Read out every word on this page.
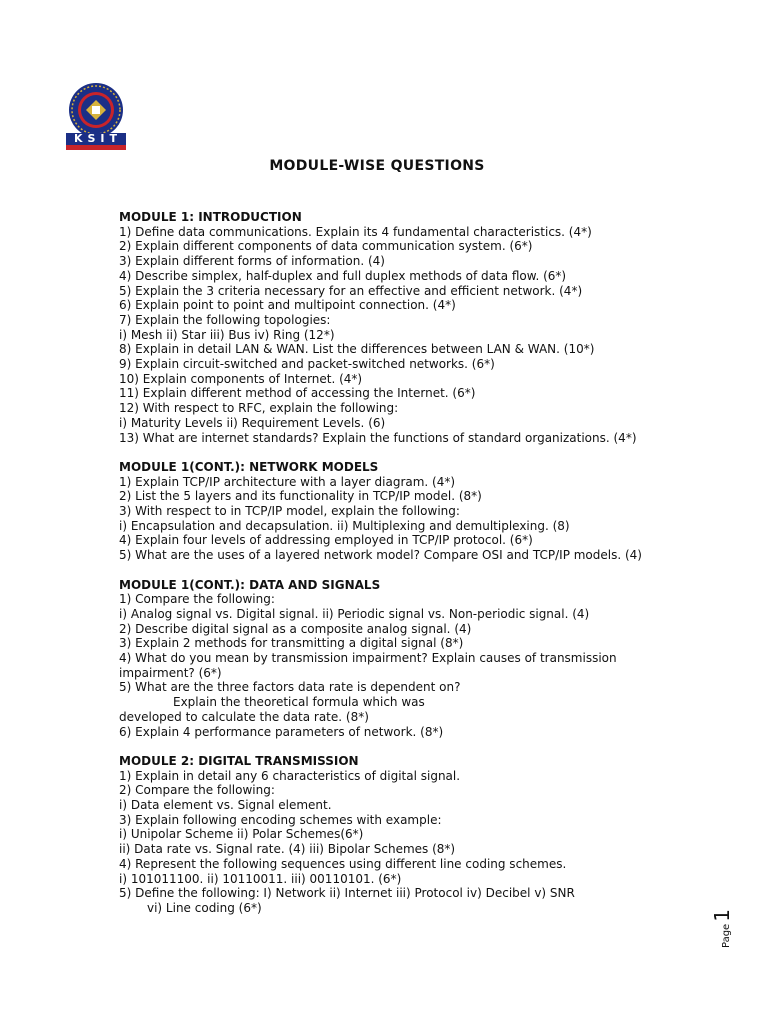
KSIT
MODULE-WISE QUESTIONS
MODULE 1: INTRODUCTION
1) Define data communications. Explain its 4 fundamental characteristics. (4*)
2) Explain different components of data communication system. (6*)
3) Explain different forms of information. (4)
4) Describe simplex, half-duplex and full duplex methods of data flow. (6*)
5) Explain the 3 criteria necessary for an effective and efficient network. (4*)
6) Explain point to point and multipoint connection. (4*)
7) Explain the following topologies:
i) Mesh ii) Star iii) Bus iv) Ring (12*)
8) Explain in detail LAN & WAN. List the differences between LAN & WAN. (10*)
9) Explain circuit-switched and packet-switched networks. (6*)
10) Explain components of Internet. (4*)
11) Explain different method of accessing the Internet. (6*)
12) With respect to RFC, explain the following:
i) Maturity Levels ii) Requirement Levels. (6)
13) What are internet standards? Explain the functions of standard organizations. (4*)
MODULE 1(CONT.): NETWORK MODELS
1) Explain TCP/IP architecture with a layer diagram. (4*)
2) List the 5 layers and its functionality in TCP/IP model. (8*)
3) With respect to in TCP/IP model, explain the following:
i) Encapsulation and decapsulation. ii) Multiplexing and demultiplexing. (8)
4) Explain four levels of addressing employed in TCP/IP protocol. (6*)
5) What are the uses of a layered network model? Compare OSI and TCP/IP models. (4)
MODULE 1(CONT.): DATA AND SIGNALS
1) Compare the following:
i) Analog signal vs. Digital signal. ii) Periodic signal vs. Non-periodic signal. (4)
2) Describe digital signal as a composite analog signal. (4)
3) Explain 2 methods for transmitting a digital signal (8*)
4) What do you mean by transmission impairment? Explain causes of transmission
impairment? (6*)
5) What are the three factors data rate is dependent on?
Explain the theoretical formula which was
developed to calculate the data rate. (8*)
6) Explain 4 performance parameters of network. (8*)
MODULE 2: DIGITAL TRANSMISSION
1) Explain in detail any 6 characteristics of digital signal.
2) Compare the following:
i) Data element vs. Signal element.
3) Explain following encoding schemes with example:
i) Unipolar Scheme ii) Polar Schemes(6*)
ii) Data rate vs. Signal rate. (4) iii) Bipolar Schemes (8*)
4) Represent the following sequences using different line coding schemes.
i) 101011100. ii) 10110011. iii) 00110101. (6*)
5) Define the following: I) Network ii) Internet iii) Protocol iv) Decibel v) SNR
vi) Line coding (6*)
Page1
